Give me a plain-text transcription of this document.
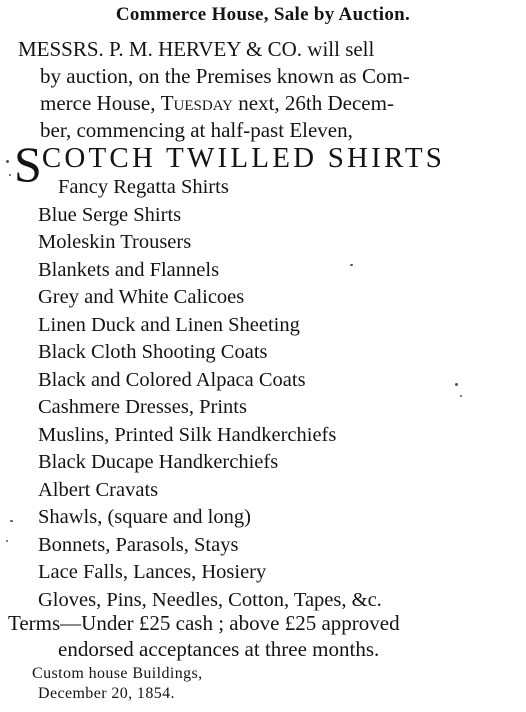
Commerce House, Sale by Auction.
MESSRS. P. M. HERVEY & CO. will sell
by auction, on the Premises known as Com-
merce House, Tuesday next, 26th Decem-
ber, commencing at half-past Eleven,
SCOTCH TWILLED SHIRTS
Fancy Regatta Shirts
Blue Serge Shirts
Moleskin Trousers
Blankets and Flannels
Grey and White Calicoes
Linen Duck and Linen Sheeting
Black Cloth Shooting Coats
Black and Colored Alpaca Coats
Cashmere Dresses, Prints
Muslins, Printed Silk Handkerchiefs
Black Ducape Handkerchiefs
Albert Cravats
Shawls, (square and long)
Bonnets, Parasols, Stays
Lace Falls, Lances, Hosiery
Gloves, Pins, Needles, Cotton, Tapes, &c.
Terms—Under £25 cash ; above £25 approved
endorsed acceptances at three months.
Custom house Buildings,
December 20, 1854.
